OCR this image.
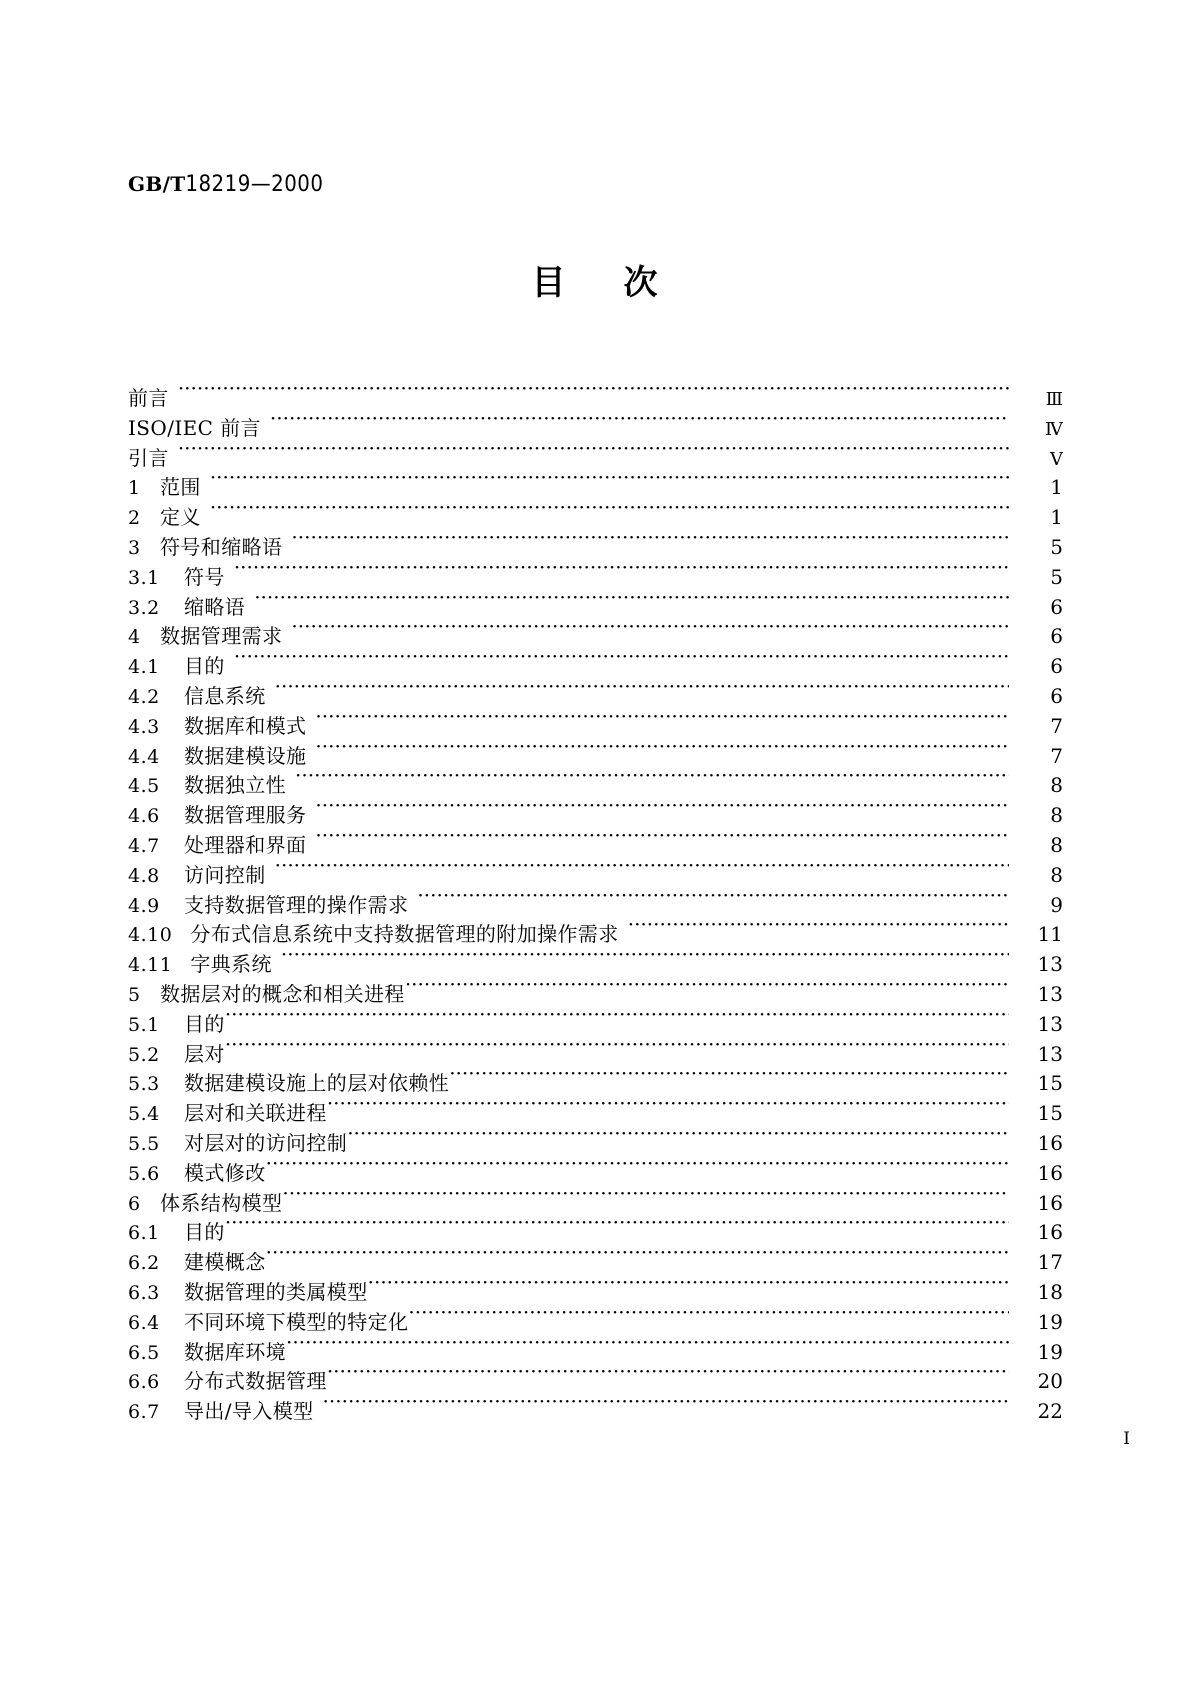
GB/T18219—2000
目 次
前言 ·····	Ⅲ
ISO/IEC 前言 ·····	Ⅳ
引言 ·····	Ⅴ
1 范围 ·····	1
2 定义 ·····	1
3 符号和缩略语 ·····	5
3.1	符号 ·····	5
3.2	缩略语 ·····	6
4 数据管理需求 ·····	6
4.1	目的 ·····	6
4.2	信息系统 ·····	6
4.3	数据库和模式 ·····	7
4.4	数据建模设施 ·····	7
4.5	数据独立性 ·····	8
4.6	数据管理服务 ·····	8
4.7	处理器和界面 ·····	8
4.8	访问控制 ·····	8
4.9	支持数据管理的操作需求 ·····	9
4.10 分布式信息系统中支持数据管理的附加操作需求 ·····	11
4.11 字典系统 ·····	13
5 数据层对的概念和相关进程 ·····	13
5.1	目的 ·····	13
5.2	层对 ·····	13
5.3	数据建模设施上的层对依赖性 ·····	15
5.4	层对和关联进程 ·····	15
5.5	对层对的访问控制 ·····	16
5.6	模式修改 ·····	16
6 体系结构模型 ·····	16
6.1	目的 ·····	16
6.2	建模概念 ·····	17
6.3	数据管理的类属模型 ·····	18
6.4	不同环境下模型的特定化 ·····	19
6.5	数据库环境 ·····	19
6.6	分布式数据管理 ·····	20
6.7	导出/导入模型 ·····	22
Ⅰ
